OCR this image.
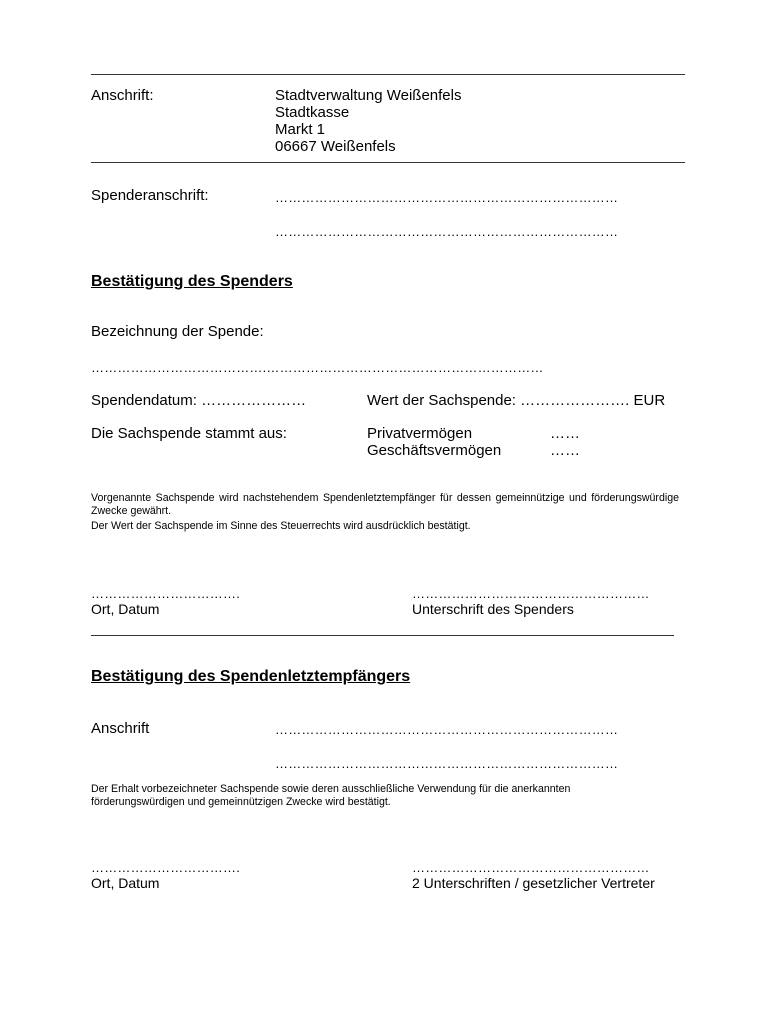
Anschrift:	Stadtverwaltung Weißenfels
Stadtkasse
Markt 1
06667 Weißenfels
Spenderanschrift:	……………………………………………………………………
……………………………………………………………………
Bestätigung des Spenders
Bezeichnung der Spende:
………………………………….………………………………………………………
Spendendatum: …………………	Wert der Sachspende: …………………. EUR
Die Sachspende stammt aus:	Privatvermögen	……
Geschäftsvermögen	……
Vorgenannte Sachspende wird nachstehendem Spendenletztempfänger für dessen gemeinnützige und förderungswürdige Zwecke gewährt.
Der Wert der Sachspende im Sinne des Steuerrechts wird ausdrücklich bestätigt.
…………………………….
Ort, Datum
………………………………………………
Unterschrift des Spenders
Bestätigung des Spendenletztempfängers
Anschrift	……………………………………………………………………
……………………………………………………………………
Der Erhalt vorbezeichneter Sachspende sowie deren ausschließliche Verwendung für die anerkannten förderungswürdigen und gemeinnützigen Zwecke wird bestätigt.
…………………………….
Ort, Datum
………………………………………………
2 Unterschriften / gesetzlicher Vertreter
